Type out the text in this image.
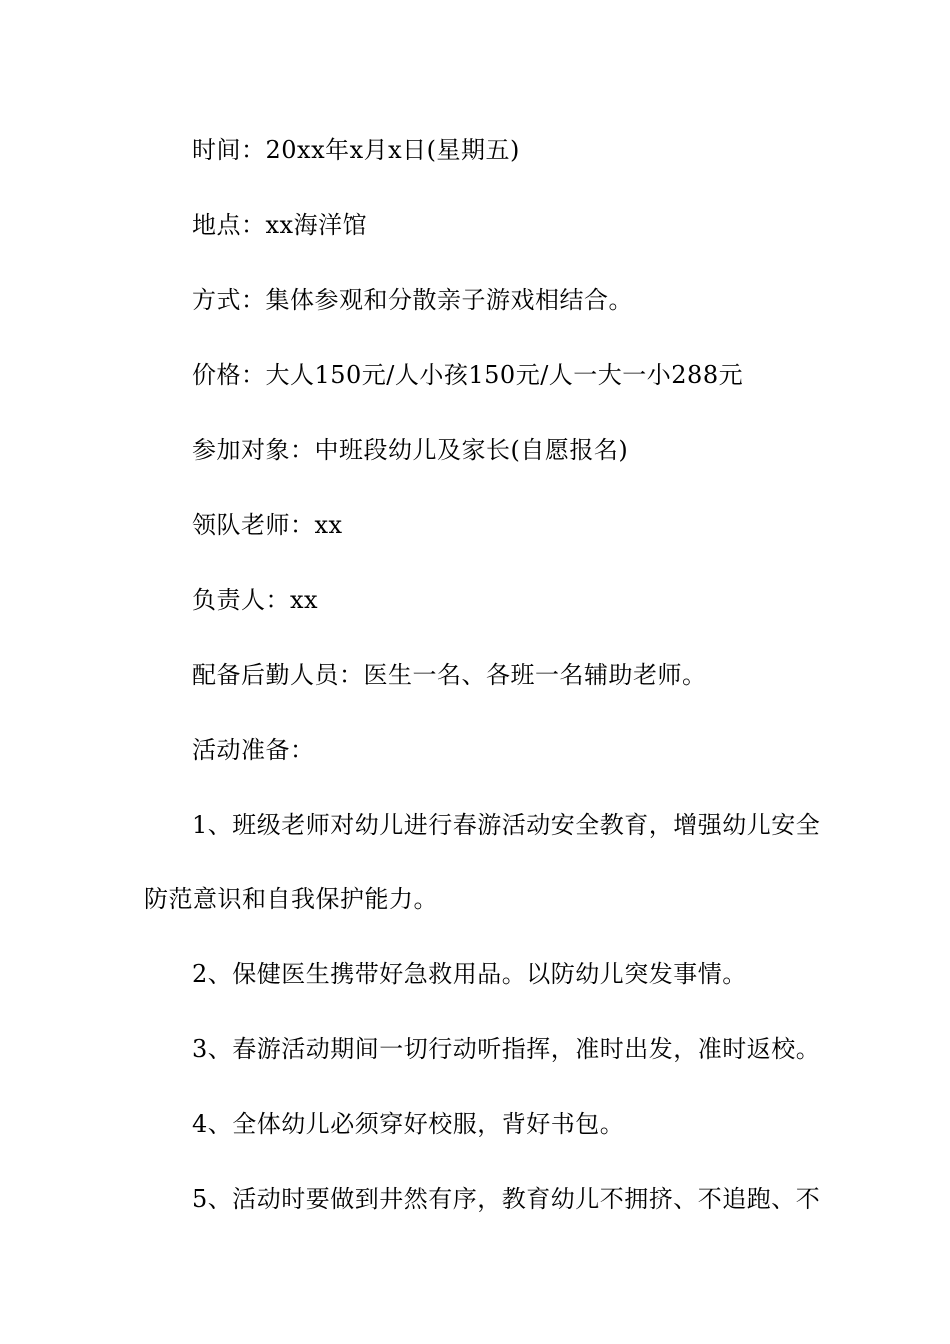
时间：20xx年x月x日(星期五)

地点：xx海洋馆

方式：集体参观和分散亲子游戏相结合。

价格：大人150元/人小孩150元/人一大一小288元

参加对象：中班段幼儿及家长(自愿报名)

领队老师：xx

负责人：xx

配备后勤人员：医生一名、各班一名辅助老师。

活动准备：

1、班级老师对幼儿进行春游活动安全教育，增强幼儿安全

防范意识和自我保护能力。

2、保健医生携带好急救用品。以防幼儿突发事情。

3、春游活动期间一切行动听指挥，准时出发，准时返校。

4、全体幼儿必须穿好校服，背好书包。

5、活动时要做到井然有序，教育幼儿不拥挤、不追跑、不
